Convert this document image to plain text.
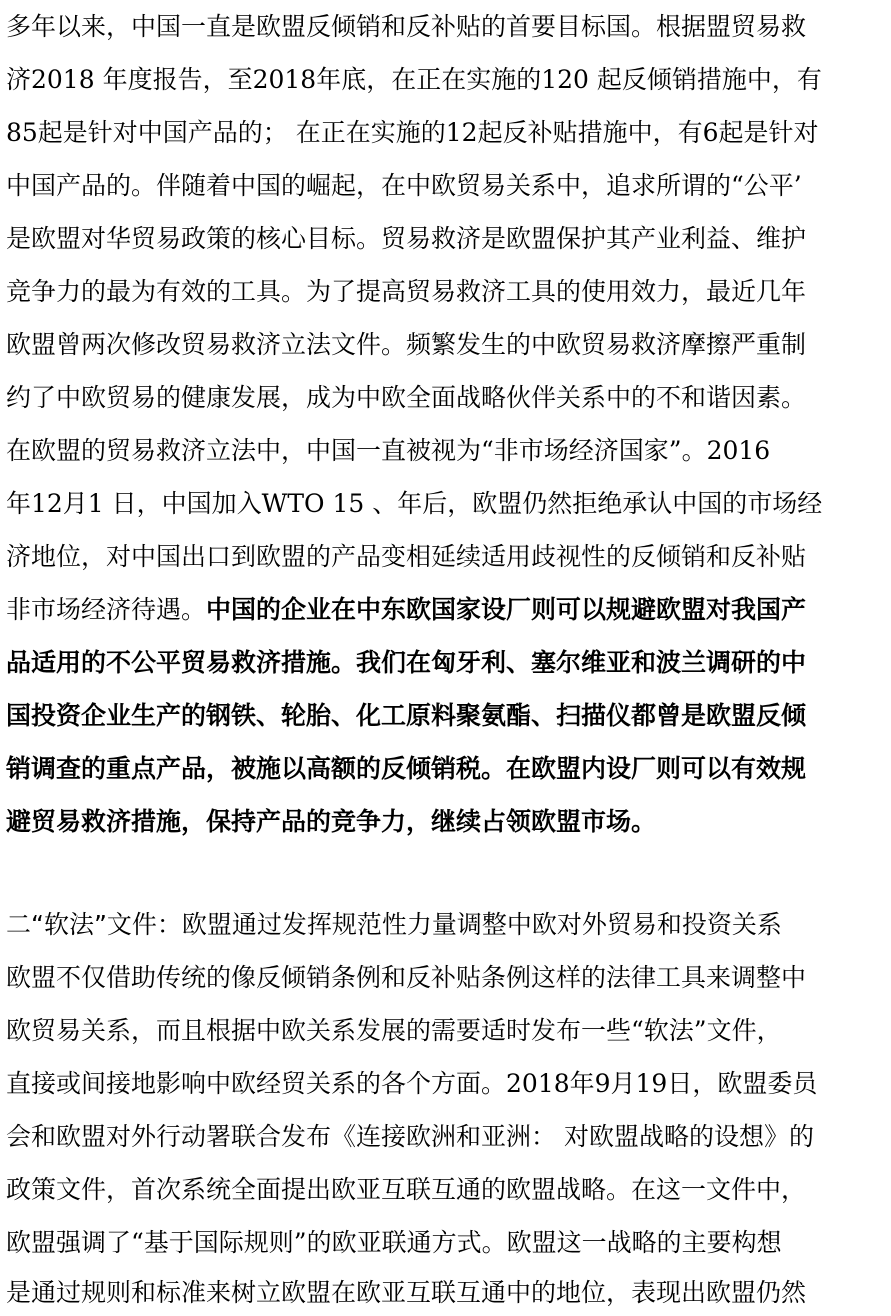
多年以来，中国一直是欧盟反倾销和反补贴的首要目标国。根据盟贸易救
济2018 年度报告，至2018年底，在正在实施的120 起反倾销措施中，有
85起是针对中国产品的； 在正在实施的12起反补贴措施中，有6起是针对
中国产品的。伴随着中国的崛起，在中欧贸易关系中，追求所谓的“公平’
是欧盟对华贸易政策的核心目标。贸易救济是欧盟保护其产业利益、维护
竞争力的最为有效的工具。为了提高贸易救济工具的使用效力，最近几年
欧盟曾两次修改贸易救济立法文件。频繁发生的中欧贸易救济摩擦严重制
约了中欧贸易的健康发展，成为中欧全面战略伙伴关系中的不和谐因素。
在欧盟的贸易救济立法中，中国一直被视为“非市场经济国家”。2016
年12月1 日，中国加入WTO 15 、年后，欧盟仍然拒绝承认中国的市场经
济地位，对中国出口到欧盟的产品变相延续适用歧视性的反倾销和反补贴
非市场经济待遇。中国的企业在中东欧国家设厂则可以规避欧盟对我国产
品适用的不公平贸易救济措施。我们在匈牙利、塞尔维亚和波兰调研的中
国投资企业生产的钢铁、轮胎、化工原料聚氨酯、扫描仪都曾是欧盟反倾
销调查的重点产品，被施以高额的反倾销税。在欧盟内设厂则可以有效规
避贸易救济措施，保持产品的竞争力，继续占领欧盟市场。
二“软法”文件：欧盟通过发挥规范性力量调整中欧对外贸易和投资关系
欧盟不仅借助传统的像反倾销条例和反补贴条例这样的法律工具来调整中
欧贸易关系，而且根据中欧关系发展的需要适时发布一些“软法”文件，
直接或间接地影响中欧经贸关系的各个方面。2018年9月19日，欧盟委员
会和欧盟对外行动署联合发布《连接欧洲和亚洲： 对欧盟战略的设想》的
政策文件，首次系统全面提出欧亚互联互通的欧盟战略。在这一文件中，
欧盟强调了“基于国际规则”的欧亚联通方式。欧盟这一战略的主要构想
是通过规则和标准来树立欧盟在欧亚互联互通中的地位，表现出欧盟仍然
